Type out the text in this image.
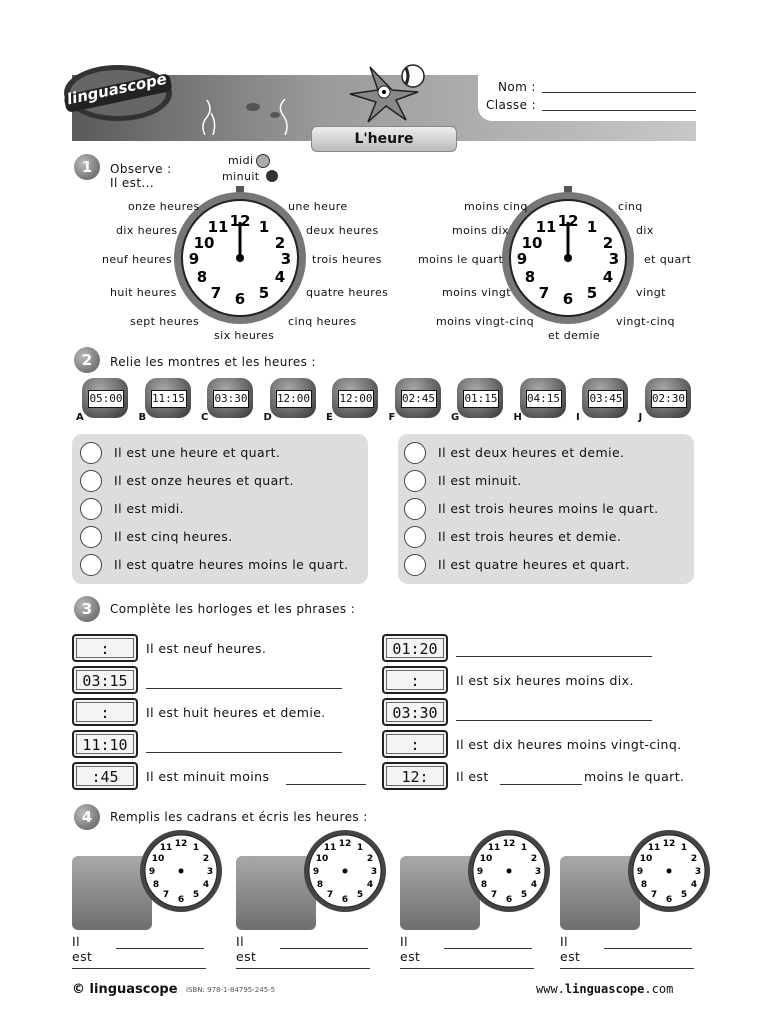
linguascope	Nom :
Classe :
L'heure
1	Observe :
Il est...
midi
minuit
12 1
2
3
4
5
6
7
8
9
10
11	12 1
2
3
4
5
6
7
8
9
10
11
onze heures	une heure
dix heures	deux heures
neuf heures	trois heures
huit heures	quatre heures
sept heures	cinq heures
six heures
moins cinq	cinq
moins dix	dix
moins le quart	et quart
moins vingt	vingt
moins vingt-cinq	vingt-cinq
et demie
2	Relie les montres et les heures :
05:00
A
11:15
B
03:30
C
12:00
D
12:00
E
02:45
F
01:15
G
04:15
H
03:45
I
02:30
J
Il est une heure et quart.
Il est onze heures et quart.
Il est midi.
Il est cinq heures.
Il est quatre heures moins le quart.
Il est deux heures et demie.
Il est minuit.
Il est trois heures moins le quart.
Il est trois heures et demie.
Il est quatre heures et quart.
3	Complète les horloges et les phrases :
:	Il est neuf heures.
03:15
:	Il est huit heures et demie.
11:10
:45	Il est minuit moins
01:20
:	Il est six heures moins dix.
03:30
:	Il est dix heures moins vingt-cinq.
12:	Il est	moins le quart.
4	Remplis les cadrans et écris les heures :
12 1
2
3
4
5
6
7
8
9
10
11
Il est
12 1
2
3
4
5
6
7
8
9
10
11
Il est
12 1
2
3
4
5
6
7
8
9
10
11
Il est
12 1
2
3
4
5
6
7
8
9
10
11
Il est
© linguascope ISBN: 978-1-84795-245-5	www.linguascope.com
